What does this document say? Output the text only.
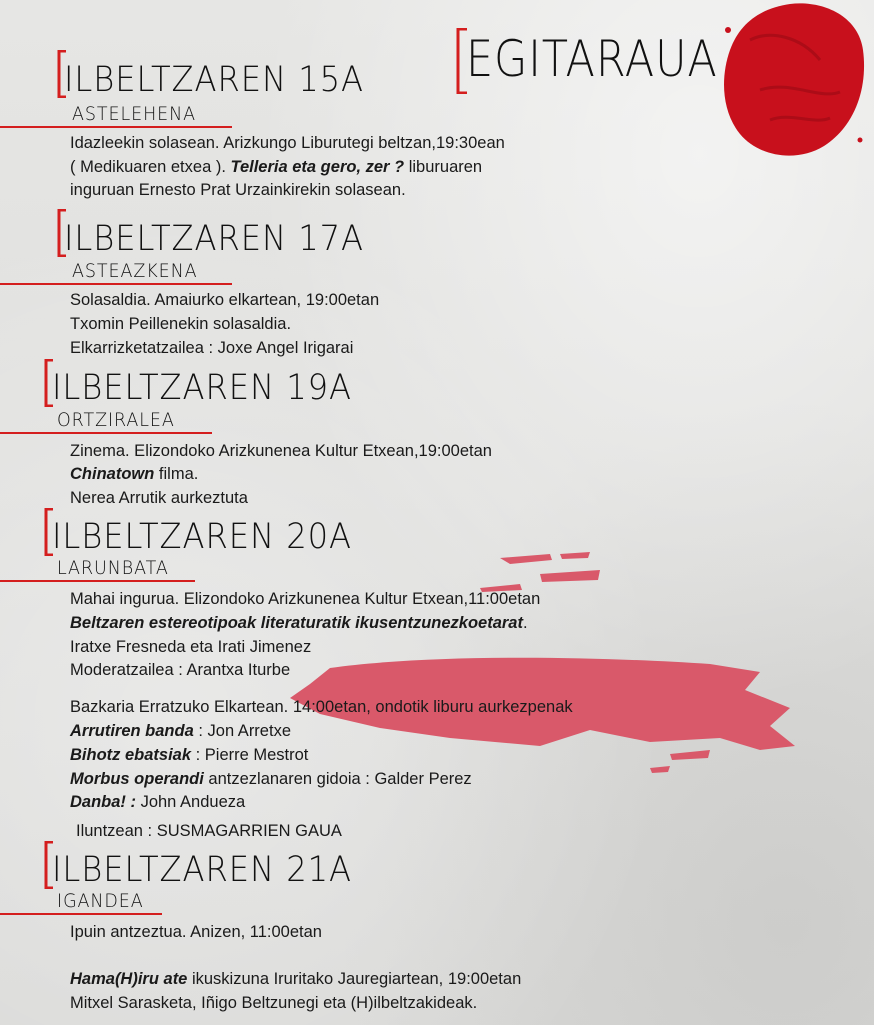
EGITARAUA
ILBELTZAREN 15A
ASTELEHENA
Idazleekin solasean. Arizkungo Liburutegi beltzan,19:30ean
( Medikuaren etxea ). Telleria eta gero, zer ? liburuaren
inguruan Ernesto Prat Urzainkirekin solasean.
ILBELTZAREN 17A
ASTEAZKENA
Solasaldia. Amaiurko elkartean, 19:00etan
Txomin Peillenekin solasaldia.
Elkarrizketatzailea : Joxe Angel Irigarai
ILBELTZAREN 19A
ORTZIRALEA
Zinema. Elizondoko Arizkunenea Kultur Etxean,19:00etan
Chinatown filma.
Nerea Arrutik aurkeztuta
ILBELTZAREN 20A
LARUNBATA
Mahai ingurua. Elizondoko Arizkunenea Kultur Etxean,11:00etan
Beltzaren estereotipoak literaturatik ikusentzunezkoetarat.
Iratxe Fresneda eta Irati Jimenez
Moderatzailea : Arantxa Iturbe
Bazkaria Erratzuko Elkartean. 14:00etan, ondotik liburu aurkezpenak
Arrutiren banda : Jon Arretxe
Bihotz ebatsiak : Pierre Mestrot
Morbus operandi antzezlanaren gidoia : Galder Perez
Danba! : John Andueza
Iluntzean : SUSMAGARRIEN GAUA
ILBELTZAREN 21A
IGANDEA
Ipuin antzeztua. Anizen, 11:00etan
Hama(H)iru ate ikuskizuna Iruritako Jauregiartean, 19:00etan
Mitxel Sarasketa, Iñigo Beltzunegi eta (H)ilbeltzakideak.
